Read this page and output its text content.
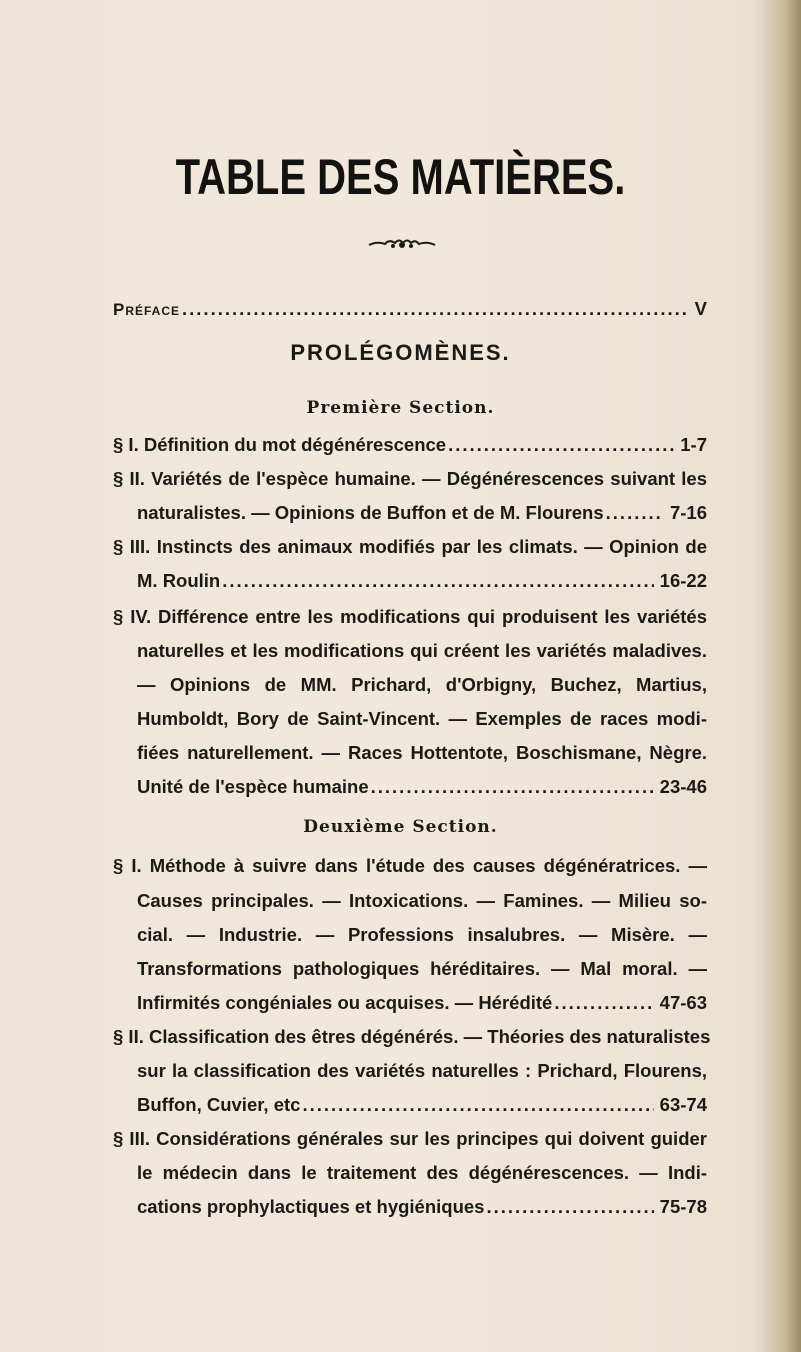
TABLE DES MATIÈRES.
Préface .....	V
PROLÉGOMÈNES.
Première Section.
§ I. Définition du mot dégénérescence .....	1-7
§ II. Variétés de l'espèce humaine. — Dégénérescences suivant les
naturalistes. — Opinions de Buffon et de M. Flourens .....	7-16
§ III. Instincts des animaux modifiés par les climats. — Opinion de
M. Roulin .....	16-22
§ IV. Différence entre les modifications qui produisent les variétés
naturelles et les modifications qui créent les variétés maladives.
— Opinions de MM. Prichard, d'Orbigny, Buchez, Martius,
Humboldt, Bory de Saint-Vincent. — Exemples de races modi-
fiées naturellement. — Races Hottentote, Boschismane, Nègre.
Unité de l'espèce humaine .....	23-46
Deuxième Section.
§ I. Méthode à suivre dans l'étude des causes dégénératrices. —
Causes principales. — Intoxications. — Famines. — Milieu so-
cial. — Industrie. — Professions insalubres. — Misère. —
Transformations pathologiques héréditaires. — Mal moral. —
Infirmités congéniales ou acquises. — Hérédité .....	47-63
§ II. Classification des êtres dégénérés. — Théories des naturalistes
sur la classification des variétés naturelles : Prichard, Flourens,
Buffon, Cuvier, etc .....	63-74
§ III. Considérations générales sur les principes qui doivent guider
le médecin dans le traitement des dégénérescences. — Indi-
cations prophylactiques et hygiéniques .....	75-78
